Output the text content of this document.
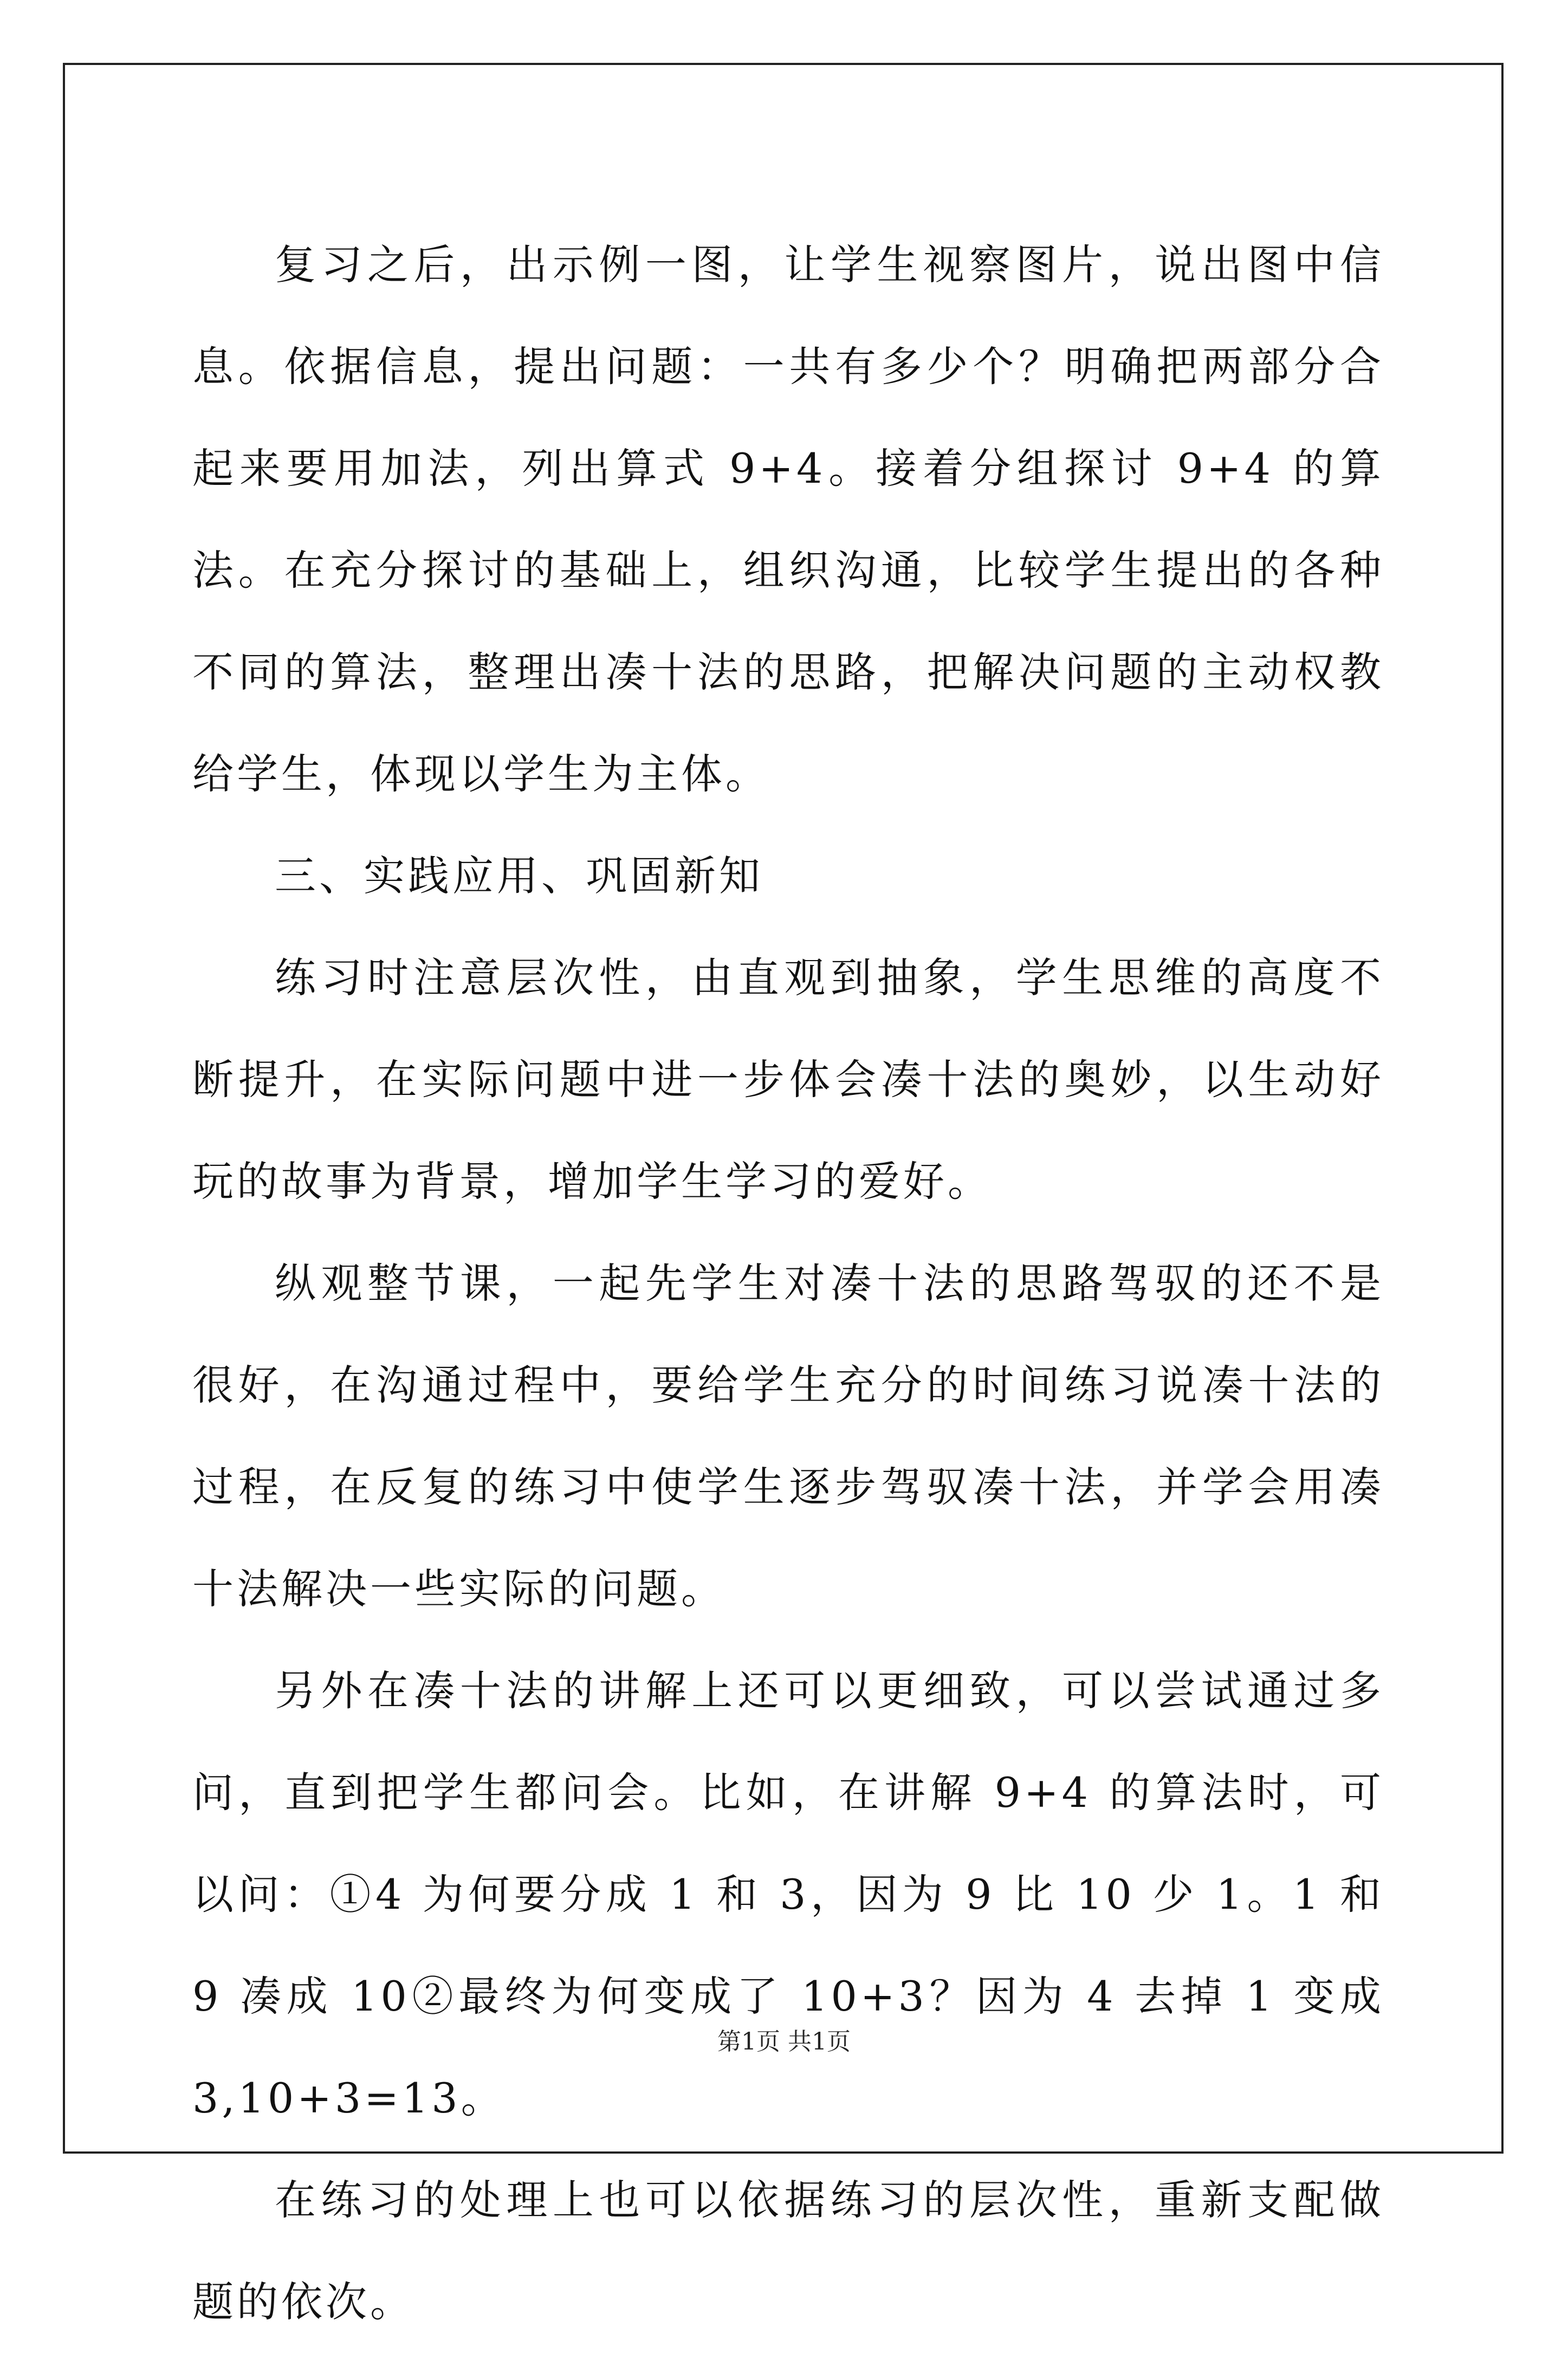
复习之后，出示例一图，让学生视察图片，说出图中信息。依据信息，提出问题：一共有多少个？明确把两部分合起来要用加法，列出算式 9+4。接着分组探讨 9+4 的算法。在充分探讨的基础上，组织沟通，比较学生提出的各种不同的算法，整理出凑十法的思路，把解决问题的主动权教给学生，体现以学生为主体。

三、实践应用、巩固新知

练习时注意层次性，由直观到抽象，学生思维的高度不断提升，在实际问题中进一步体会凑十法的奥妙，以生动好玩的故事为背景，增加学生学习的爱好。

纵观整节课，一起先学生对凑十法的思路驾驭的还不是很好，在沟通过程中，要给学生充分的时间练习说凑十法的过程，在反复的练习中使学生逐步驾驭凑十法，并学会用凑十法解决一些实际的问题。

另外在凑十法的讲解上还可以更细致，可以尝试通过多问，直到把学生都问会。比如，在讲解 9+4 的算法时，可以问：①4 为何要分成 1 和 3，因为 9 比 10 少 1。1 和 9 凑成 10②最终为何变成了 10+3？因为 4 去掉 1 变成 3,10+3=13。

在练习的处理上也可以依据练习的层次性，重新支配做题的依次。

第1页 共1页
